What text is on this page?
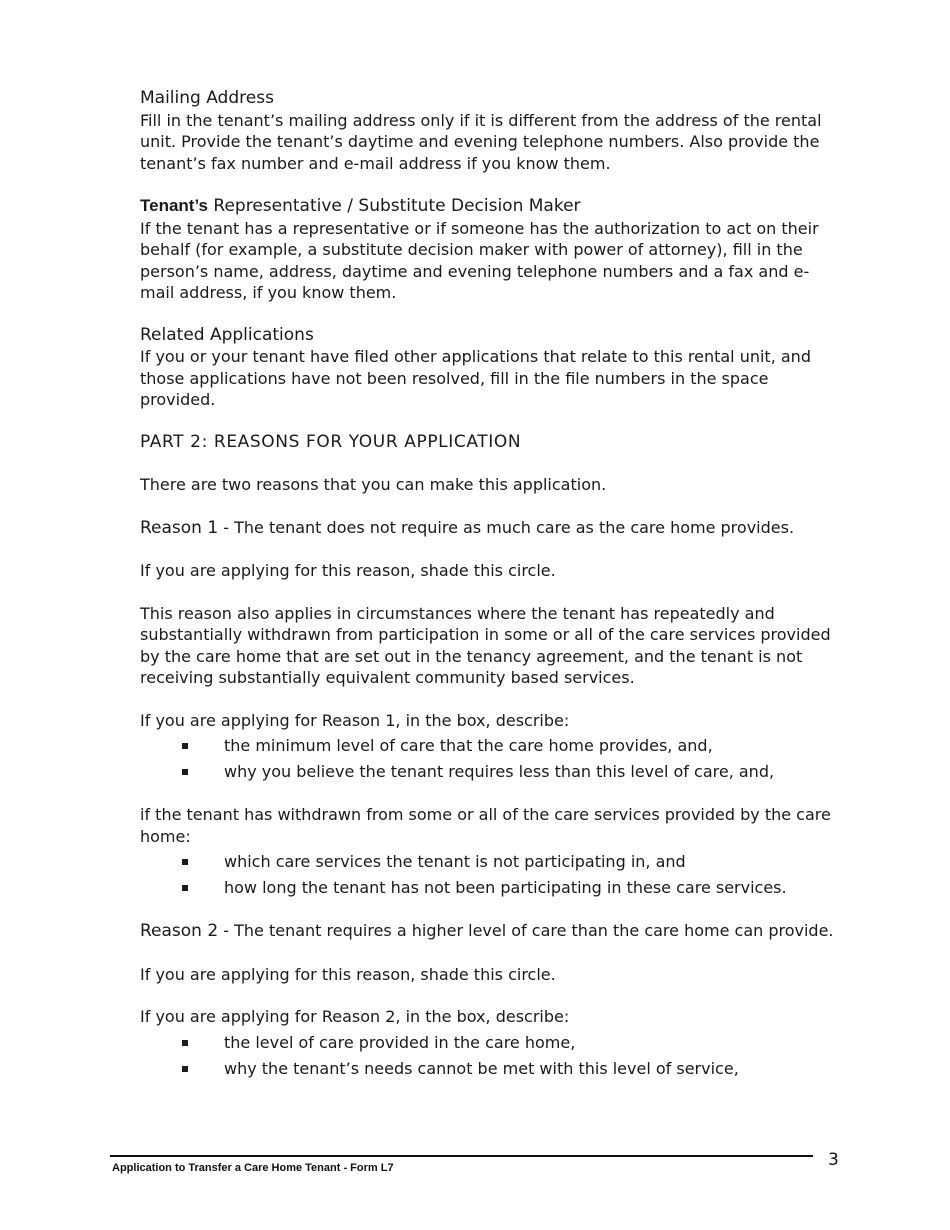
Mailing Address

Fill in the tenant’s mailing address only if it is different from the address of the rental unit. Provide the tenant’s daytime and evening telephone numbers. Also provide the tenant’s fax number and e-mail address if you know them.

Tenant’s Representative / Substitute Decision Maker

If the tenant has a representative or if someone has the authorization to act on their behalf (for example, a substitute decision maker with power of attorney), fill in the person’s name, address, daytime and evening telephone numbers and a fax and e-mail address, if you know them.

Related Applications

If you or your tenant have filed other applications that relate to this rental unit, and those applications have not been resolved, fill in the file numbers in the space provided.

PART 2: REASONS FOR YOUR APPLICATION

There are two reasons that you can make this application.

Reason 1 - The tenant does not require as much care as the care home provides.

If you are applying for this reason, shade this circle.

This reason also applies in circumstances where the tenant has repeatedly and substantially withdrawn from participation in some or all of the care services provided by the care home that are set out in the tenancy agreement, and the tenant is not receiving substantially equivalent community based services.

If you are applying for Reason 1, in the box, describe:

the minimum level of care that the care home provides, and,
why you believe the tenant requires less than this level of care, and,

if the tenant has withdrawn from some or all of the care services provided by the care home:

which care services the tenant is not participating in, and
how long the tenant has not been participating in these care services.

Reason 2 - The tenant requires a higher level of care than the care home can provide.

If you are applying for this reason, shade this circle.

If you are applying for Reason 2, in the box, describe:

the level of care provided in the care home,
why the tenant’s needs cannot be met with this level of service,
Application to Transfer a Care Home Tenant - Form L7	3
